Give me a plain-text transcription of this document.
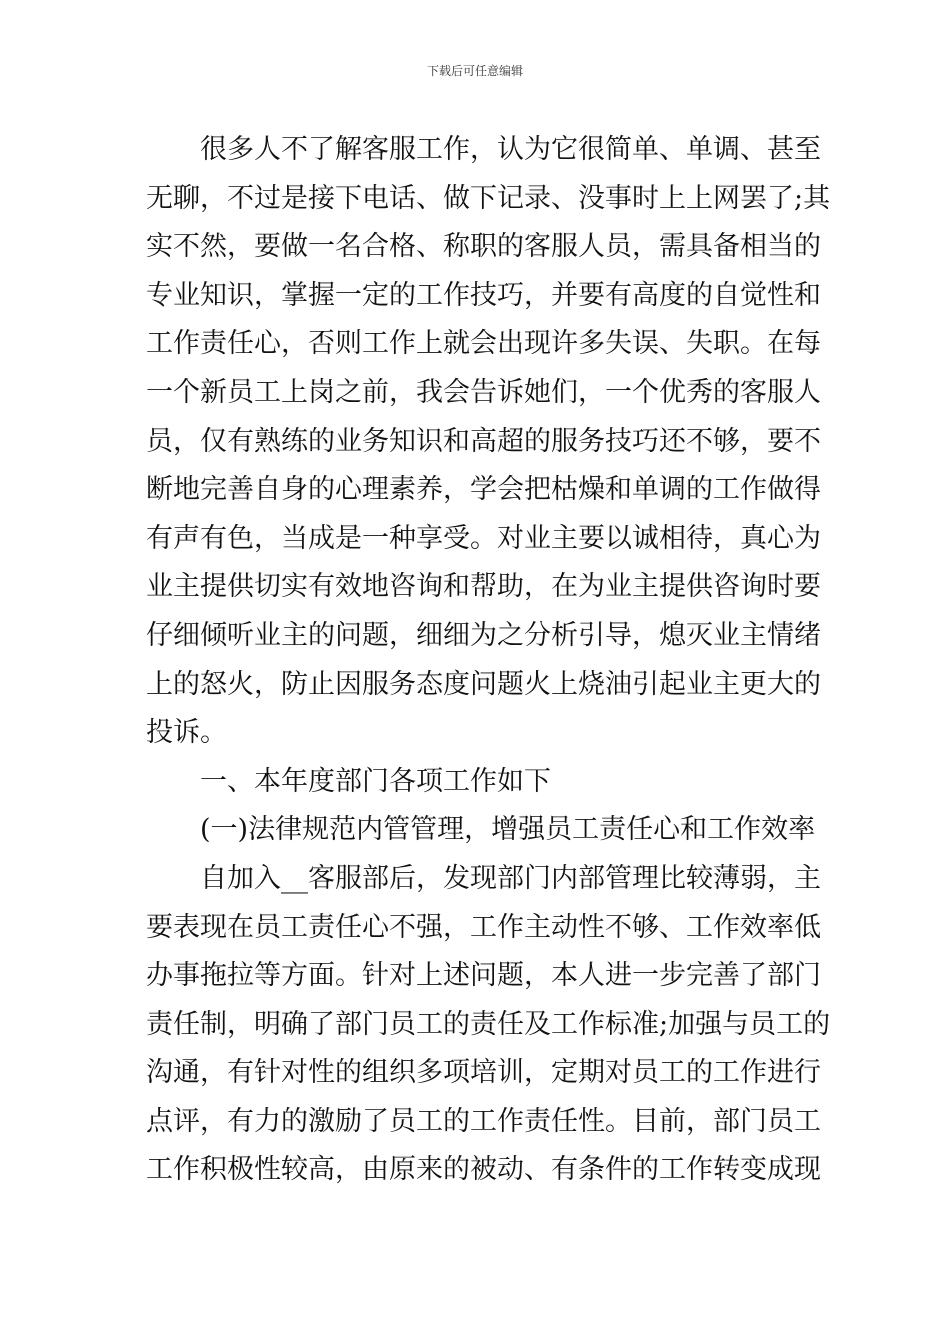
下载后可任意编辑
很多人不了解客服工作，认为它很简单、单调、甚至
无聊，不过是接下电话、做下记录、没事时上上网罢了;其
实不然，要做一名合格、称职的客服人员，需具备相当的
专业知识，掌握一定的工作技巧，并要有高度的自觉性和
工作责任心，否则工作上就会出现许多失误、失职。在每
一个新员工上岗之前，我会告诉她们，一个优秀的客服人
员，仅有熟练的业务知识和高超的服务技巧还不够，要不
断地完善自身的心理素养，学会把枯燥和单调的工作做得
有声有色，当成是一种享受。对业主要以诚相待，真心为
业主提供切实有效地咨询和帮助，在为业主提供咨询时要
仔细倾听业主的问题，细细为之分析引导，熄灭业主情绪
上的怒火，防止因服务态度问题火上烧油引起业主更大的
投诉。
一、本年度部门各项工作如下
(一)法律规范内管管理，增强员工责任心和工作效率
自加入__客服部后，发现部门内部管理比较薄弱，主
要表现在员工责任心不强，工作主动性不够、工作效率低
办事拖拉等方面。针对上述问题，本人进一步完善了部门
责任制，明确了部门员工的责任及工作标准;加强与员工的
沟通，有针对性的组织多项培训，定期对员工的工作进行
点评，有力的激励了员工的工作责任性。目前，部门员工
工作积极性较高，由原来的被动、有条件的工作转变成现
